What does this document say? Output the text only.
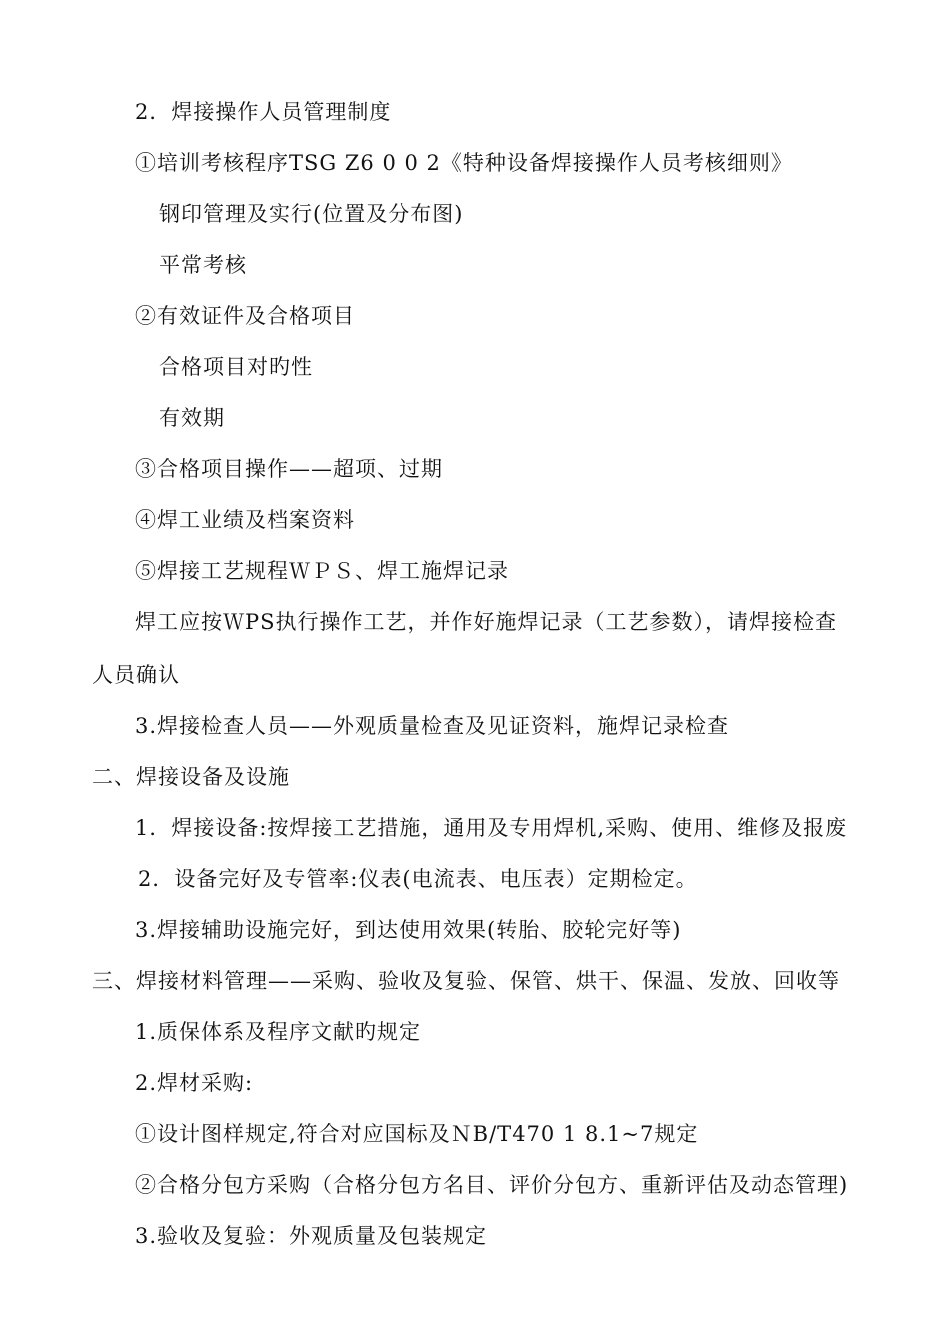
2．焊接操作人员管理制度
①培训考核程序TSG Z6 0 0 2《特种设备焊接操作人员考核细则》
钢印管理及实行(位置及分布图)
平常考核
②有效证件及合格项目
合格项目对旳性
有效期
③合格项目操作——超项、过期
④焊工业绩及档案资料
⑤焊接工艺规程ＷＰＳ、焊工施焊记录
焊工应按ＷPS执行操作工艺，并作好施焊记录（工艺参数），请焊接检查
人员确认
3.焊接检查人员——外观质量检查及见证资料，施焊记录检查
二、焊接设备及设施
1．焊接设备:按焊接工艺措施，通用及专用焊机,采购、使用、维修及报废
2．设备完好及专管率:仪表(电流表、电压表）定期检定。
3.焊接辅助设施完好，到达使用效果(转胎、胶轮完好等)
三、焊接材料管理——采购、验收及复验、保管、烘干、保温、发放、回收等
1.质保体系及程序文献旳规定
2.焊材采购:
①设计图样规定,符合对应国标及ＮB/T470 1 8.1~7规定
②合格分包方采购（合格分包方名目、评价分包方、重新评估及动态管理)
3.验收及复验：外观质量及包装规定
